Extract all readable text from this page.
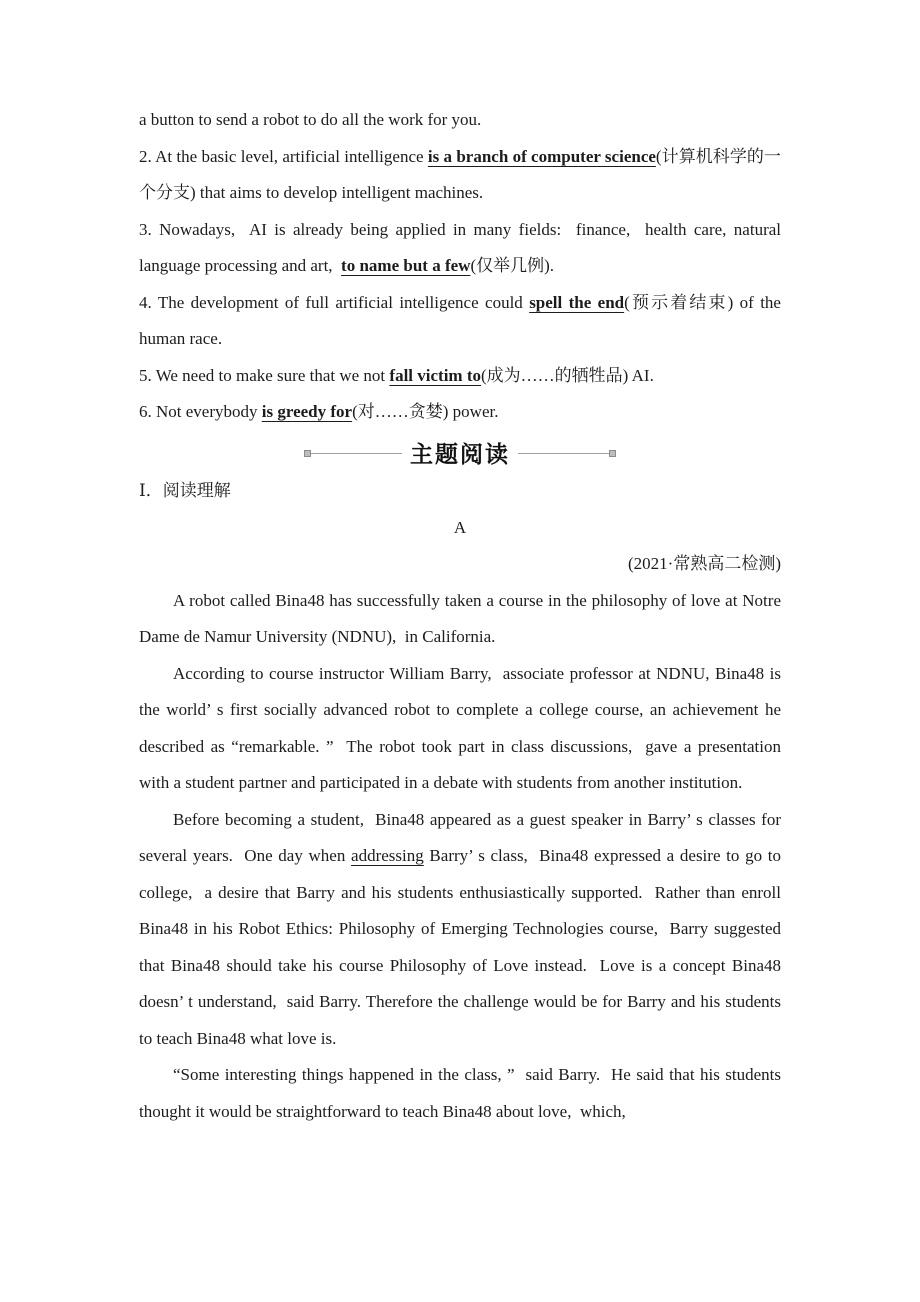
a button to send a robot to do all the work for you.

2. At the basic level, artificial intelligence is a branch of computer science(计算机科学的一个分支) that aims to develop intelligent machines.

3. Nowadays,  AI is already being applied in many fields:  finance,  health care, natural language processing and art,  to name but a few(仅举几例).

4. The development of full artificial intelligence could spell the end(预示着结束) of the human race.

5. We need to make sure that we not fall victim to(成为……的牺牲品) AI.

6. Not everybody is greedy for(对……贪婪) power.

主题阅读

Ⅰ．阅读理解

A

(2021·常熟高二检测)

A robot called Bina48 has successfully taken a course in the philosophy of love at Notre Dame de Namur University (NDNU),  in California.

According to course instructor William Barry,  associate professor at NDNU, Bina48 is the world’ s first socially advanced robot to complete a college course, an achievement he described as “remarkable. ”  The robot took part in class discussions,  gave a presentation with a student partner and participated in a debate with students from another institution.

Before becoming a student,  Bina48 appeared as a guest speaker in Barry’ s classes for several years.  One day when addressing Barry’ s class,  Bina48 expressed a desire to go to college,  a desire that Barry and his students enthusiastically supported.  Rather than enroll Bina48 in his Robot Ethics: Philosophy of Emerging Technologies course,  Barry suggested that Bina48 should take his course Philosophy of Love instead.  Love is a concept Bina48 doesn’ t understand,  said Barry. Therefore the challenge would be for Barry and his students to teach Bina48 what love is.

“Some interesting things happened in the class, ”  said Barry.  He said that his students thought it would be straightforward to teach Bina48 about love,  which,
